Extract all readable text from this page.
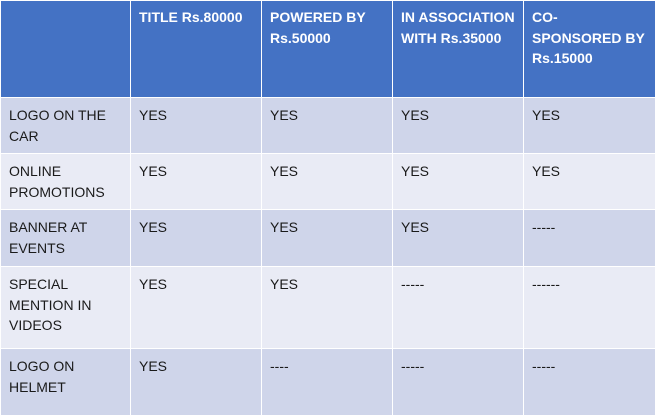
	TITLE Rs.80000	POWERED BY Rs.50000	IN ASSOCIATION WITH Rs.35000	CO-SPONSORED BY Rs.15000
LOGO ON THE CAR	YES	YES	YES	YES
ONLINE PROMOTIONS	YES	YES	YES	YES
BANNER AT EVENTS	YES	YES	YES	-----
SPECIAL MENTION IN VIDEOS	YES	YES	-----	------
LOGO ON HELMET	YES	----	-----	-----
